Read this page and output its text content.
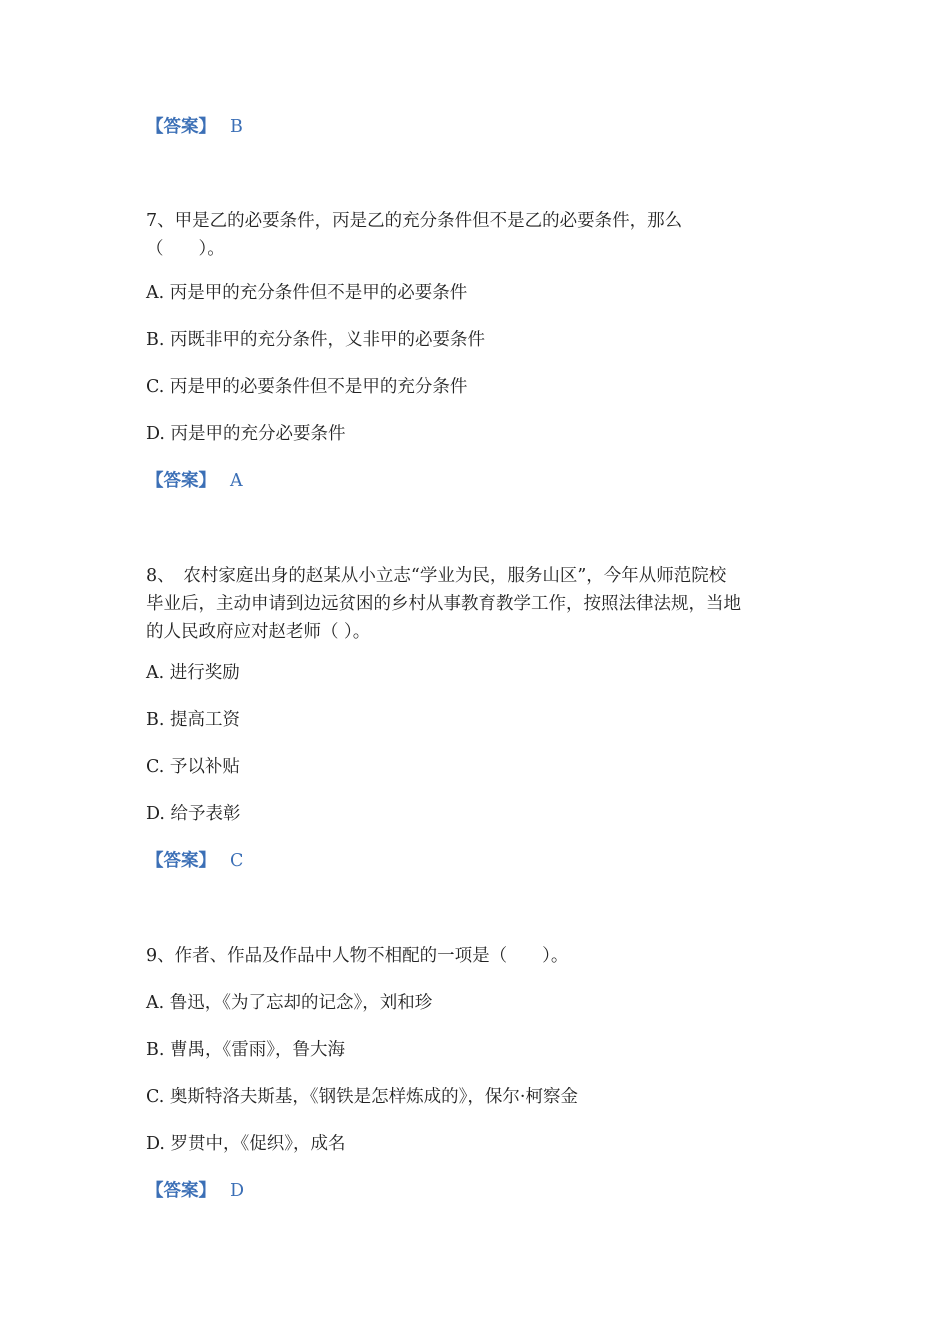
【答案】 B
7、甲是乙的必要条件，丙是乙的充分条件但不是乙的必要条件，那么
（　　）。
A. 丙是甲的充分条件但不是甲的必要条件
B. 丙既非甲的充分条件，义非甲的必要条件
C. 丙是甲的必要条件但不是甲的充分条件
D. 丙是甲的充分必要条件
【答案】 A
8、　农村家庭出身的赵某从小立志“学业为民，服务山区”，今年从师范院校
毕业后，主动申请到边远贫困的乡村从事教育教学工作，按照法律法规，当地
的人民政府应对赵老师（ ）。
A. 进行奖励
B. 提高工资
C. 予以补贴
D. 给予表彰
【答案】 C
9、作者、作品及作品中人物不相配的一项是（　　）。
A. 鲁迅，《为了忘却的记念》，刘和珍
B. 曹禺，《雷雨》，鲁大海
C. 奥斯特洛夫斯基，《钢铁是怎样炼成的》，保尔·柯察金
D. 罗贯中，《促织》，成名
【答案】 D
